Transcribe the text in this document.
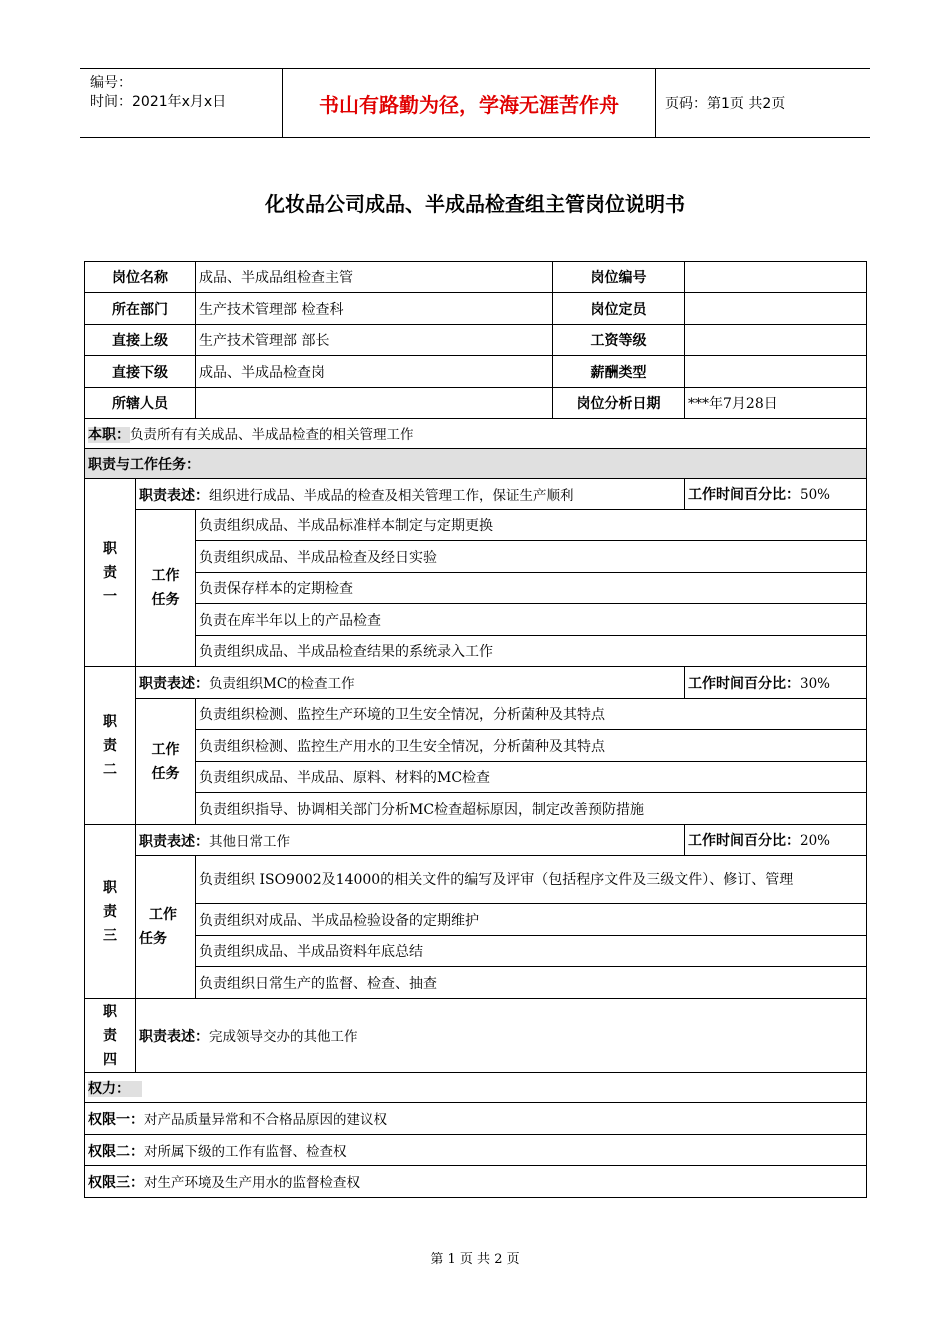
编号：
时间：2021年x月x日	书山有路勤为径，学海无涯苦作舟	页码：第1页 共2页
化妆品公司成品、半成品检查组主管岗位说明书
岗位名称		成品、半成品组检查主管	岗位编号	
所在部门		生产技术管理部 检查科	岗位定员	
直接上级		生产技术管理部 部长	工资等级	
直接下级		成品、半成品检查岗	薪酬类型	
所辖人员			岗位分析日期	***年7月28日
本职：负责所有有关成品、半成品检查的相关管理工作				
职责与工作任务：				
职
责
一	职责表述：组织进行成品、半成品的检查及相关管理工作，保证生产顺利			工作时间百分比：50%

	工作
任务	负责组织成品、半成品标准样本制定与定期更换		
		负责组织成品、半成品检查及经日实验		
		负责保存样本的定期检查		
		负责在库半年以上的产品检查		
		负责组织成品、半成品检查结果的系统录入工作		
职
责
二	职责表述：负责组织MC的检查工作			工作时间百分比：30%

	工作
任务	负责组织检测、监控生产环境的卫生安全情况，分析菌种及其特点		
		负责组织检测、监控生产用水的卫生安全情况，分析菌种及其特点		
		负责组织成品、半成品、原料、材料的MC检查		
		负责组织指导、协调相关部门分析MC检查超标原因，制定改善预防措施		
职
责
三	职责表述：其他日常工作			工作时间百分比：20%

	工作
任务	负责组织 ISO9002及14000的相关文件的编写及评审（包括程序文件及三级文件）、修订、管理		
		负责组织对成品、半成品检验设备的定期维护		
		负责组织成品、半成品资料年底总结		
		负责组织日常生产的监督、检查、抽查		
职
责
四	职责表述：完成领导交办的其他工作			
权力：				
权限一：对产品质量异常和不合格品原因的建议权				
权限二：对所属下级的工作有监督、检查权				
权限三：对生产环境及生产用水的监督检查权				
第 1 页 共 2 页
